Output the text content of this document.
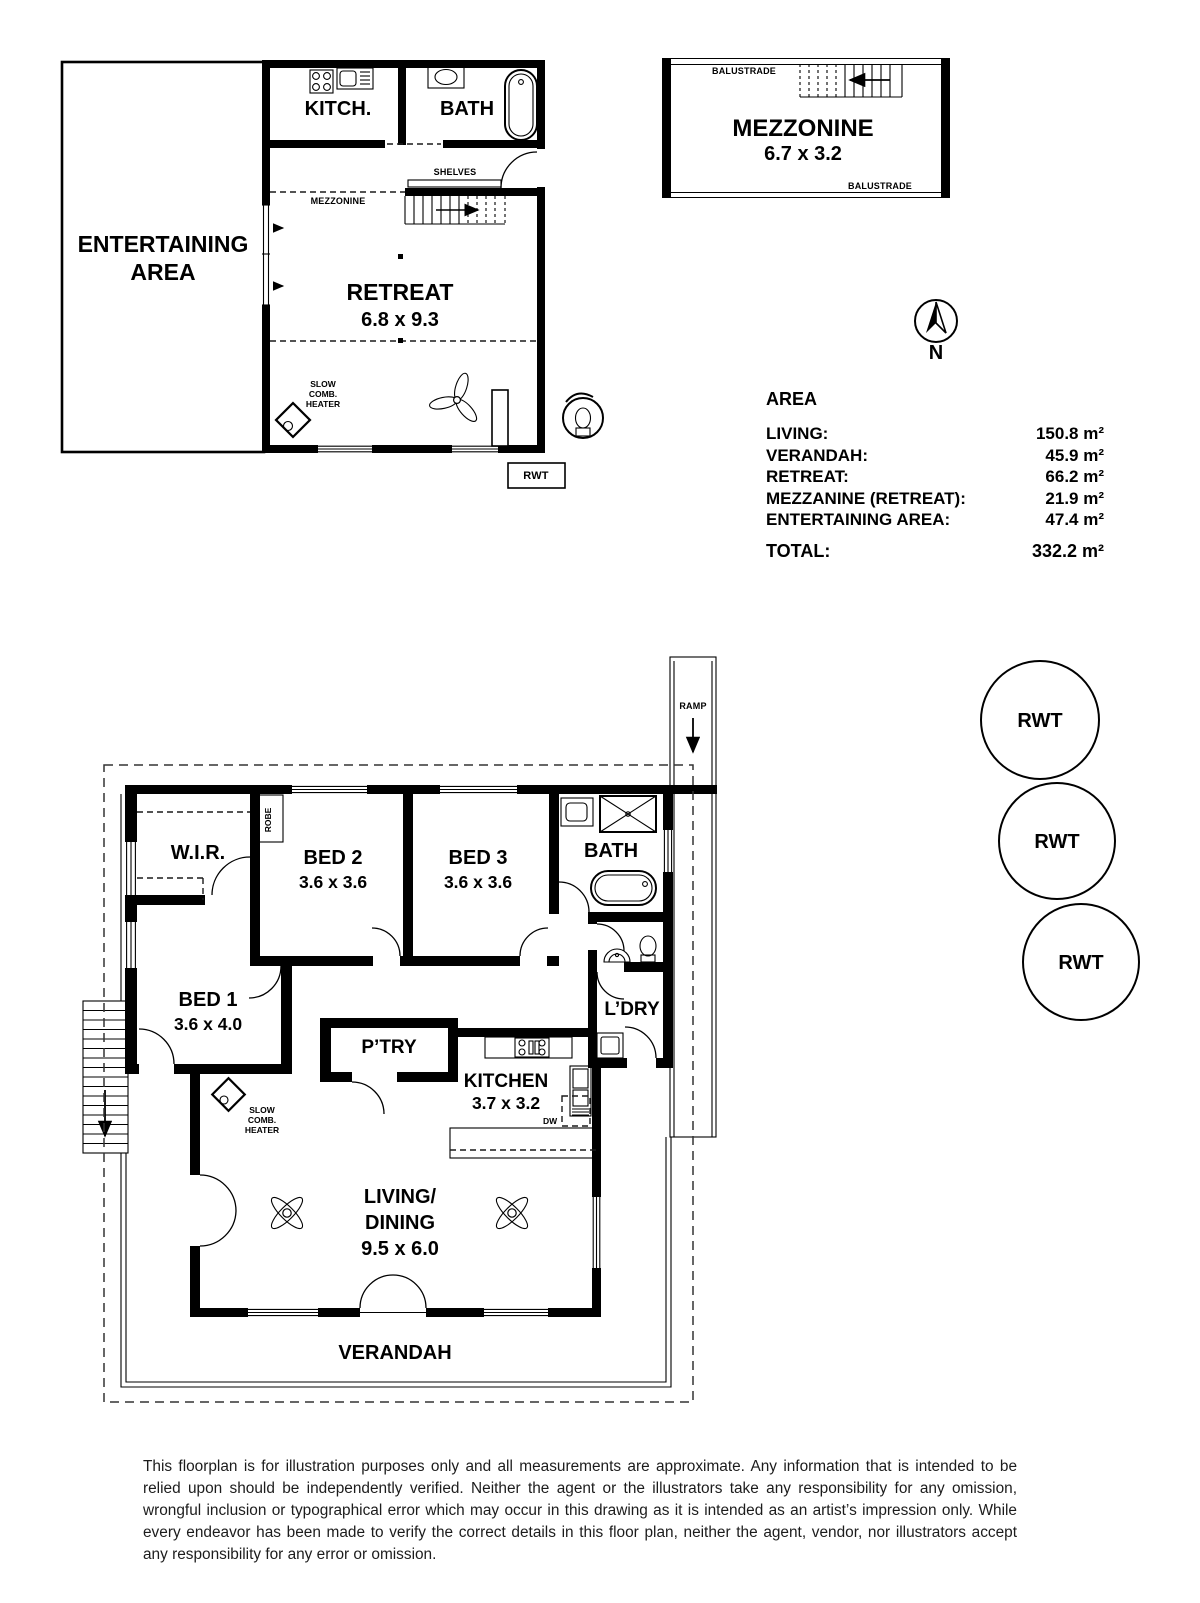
ENTERTAINING
AREA
MEZZONINE
SHELVES
SLOW
COMB.
HEATER
RWT
KITCH.	BATH
RETREAT
6.8 x 9.3
BALUSTRADE
BALUSTRADE
MEZZONINE
6.7 x 3.2
N
RAMP
DW
SLOW
COMB.
HEATER
W.I.R.
ROBE
BED 2
3.6 x 3.6
BED 3
3.6 x 3.6
BATH
BED 1
3.6 x 4.0
P’TRY
L’DRY
KITCHEN
3.7 x 3.2
LIVING/
DINING
9.5 x 6.0
VERANDAH
RWT
RWT
RWT
AREA
LIVING:	150.8 m²
VERANDAH:	45.9 m²
RETREAT:	66.2 m²
MEZZANINE (RETREAT):	21.9 m²
ENTERTAINING AREA:	47.4 m²
TOTAL:	332.2 m²
This floorplan is for illustration purposes only and all measurements are approximate. Any information that is intended to be relied upon should be independently verified. Neither the agent or the illustrators take any responsibility for any omission, wrongful inclusion or typographical error which may occur in this drawing as it is intended as an artist’s impression only. While every endeavor has been made to verify the correct details in this floor plan, neither the agent, vendor, nor illustrators accept any responsibility for any error or omission.
